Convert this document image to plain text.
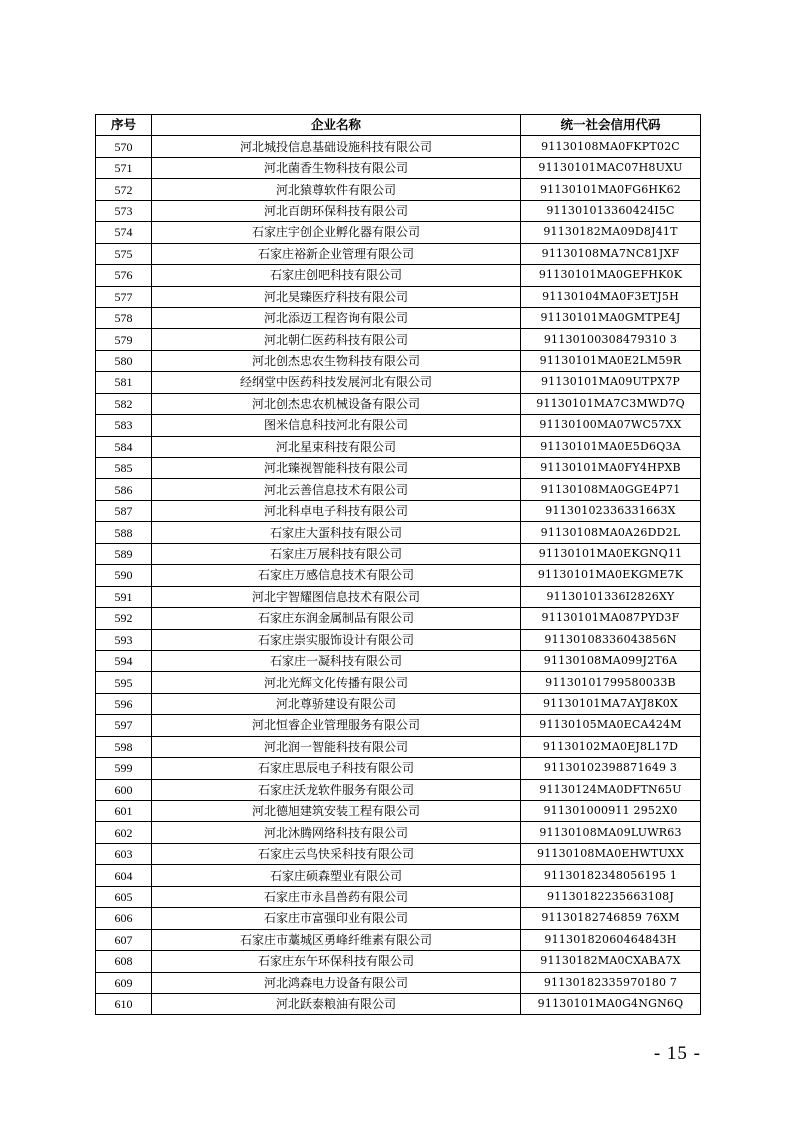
序号	企业名称	统一社会信用代码
570	河北城投信息基础设施科技有限公司	91130108MA0FKPT02C
571	河北菌香生物科技有限公司	91130101MAC07H8UXU
572	河北猿尊软件有限公司	91130101MA0FG6HK62
573	河北百朗环保科技有限公司	911301013360424I5C
574	石家庄宇创企业孵化器有限公司	91130182MA09D8J41T
575	石家庄裕新企业管理有限公司	91130108MA7NC81JXF
576	石家庄创吧科技有限公司	91130101MA0GEFHK0K
577	河北昊臻医疗科技有限公司	91130104MA0F3ETJ5H
578	河北添迈工程咨询有限公司	91130101MA0GMTPE4J
579	河北朝仁医药科技有限公司	91130100308479310 3
580	河北创杰忠农生物科技有限公司	91130101MA0E2LM59R
581	经纲堂中医药科技发展河北有限公司	91130101MA09UTPX7P
582	河北创杰忠农机械设备有限公司	91130101MA7C3MWD7Q
583	图米信息科技河北有限公司	91130100MA07WC57XX
584	河北星束科技有限公司	91130101MA0E5D6Q3A
585	河北臻视智能科技有限公司	91130101MA0FY4HPXB
586	河北云善信息技术有限公司	91130108MA0GGE4P71
587	河北科卓电子科技有限公司	91130102336331663X
588	石家庄大蛋科技有限公司	91130108MA0A26DD2L
589	石家庄万展科技有限公司	91130101MA0EKGNQ11
590	石家庄万感信息技术有限公司	91130101MA0EKGME7K
591	河北宇智耀图信息技术有限公司	91130101336I2826XY
592	石家庄东润金属制品有限公司	91130101MA087PYD3F
593	石家庄崇实服饰设计有限公司	91130108336043856N
594	石家庄一凝科技有限公司	91130108MA099J2T6A
595	河北光辉文化传播有限公司	91130101799580033B
596	河北尊骄建设有限公司	91130101MA7AYJ8K0X
597	河北恒睿企业管理服务有限公司	91130105MA0ECA424M
598	河北润一智能科技有限公司	91130102MA0EJ8L17D
599	石家庄思辰电子科技有限公司	91130102398871649 3
600	石家庄沃龙软件服务有限公司	91130124MA0DFTN65U
601	河北德旭建筑安装工程有限公司	911301000911 2952X0
602	河北沐腾网络科技有限公司	91130108MA09LUWR63
603	石家庄云鸟快采科技有限公司	91130108MA0EHWTUXX
604	石家庄硕森塑业有限公司	91130182348056195 1
605	石家庄市永昌兽药有限公司	91130182235663108J
606	石家庄市富强印业有限公司	91130182746859 76XM
607	石家庄市藁城区勇峰纤维素有限公司	91130182060464843H
608	石家庄东午环保科技有限公司	91130182MA0CXABA7X
609	河北鸿森电力设备有限公司	91130182335970180 7
610	河北跃泰粮油有限公司	91130101MA0G4NGN6Q
- 15 -
